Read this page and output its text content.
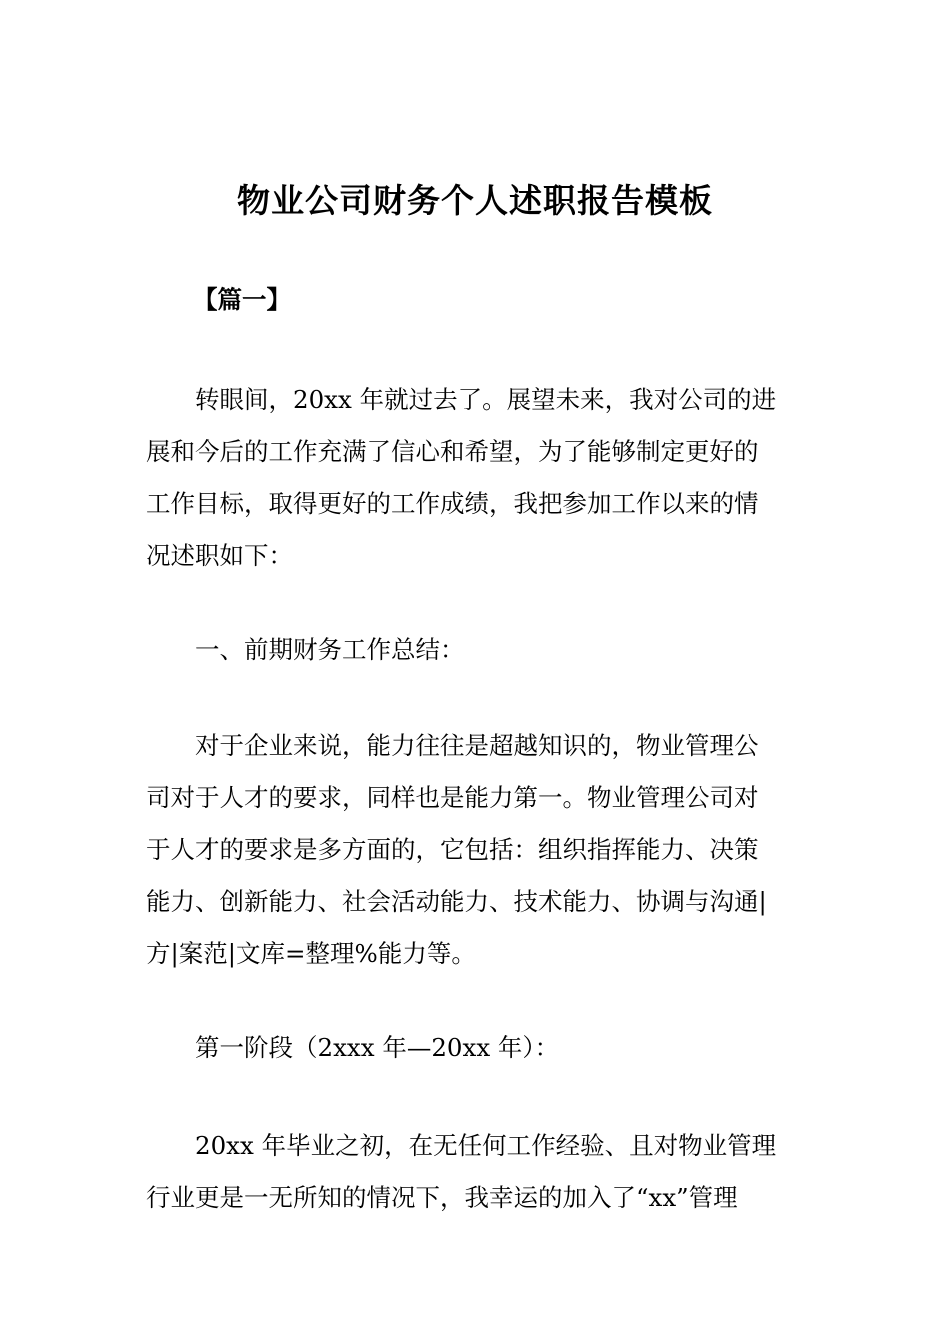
物业公司财务个人述职报告模板
【篇一】
转眼间，20xx 年就过去了。展望未来，我对公司的进
展和今后的工作充满了信心和希望，为了能够制定更好的
工作目标，取得更好的工作成绩，我把参加工作以来的情
况述职如下：
一、前期财务工作总结：
对于企业来说，能力往往是超越知识的，物业管理公
司对于人才的要求，同样也是能力第一。物业管理公司对
于人才的要求是多方面的，它包括：组织指挥能力、决策
能力、创新能力、社会活动能力、技术能力、协调与沟通|
方|案范|文库=整理%能力等。
第一阶段（2xxx 年—20xx 年）：
20xx 年毕业之初，在无任何工作经验、且对物业管理
行业更是一无所知的情况下，我幸运的加入了“xx”管理
